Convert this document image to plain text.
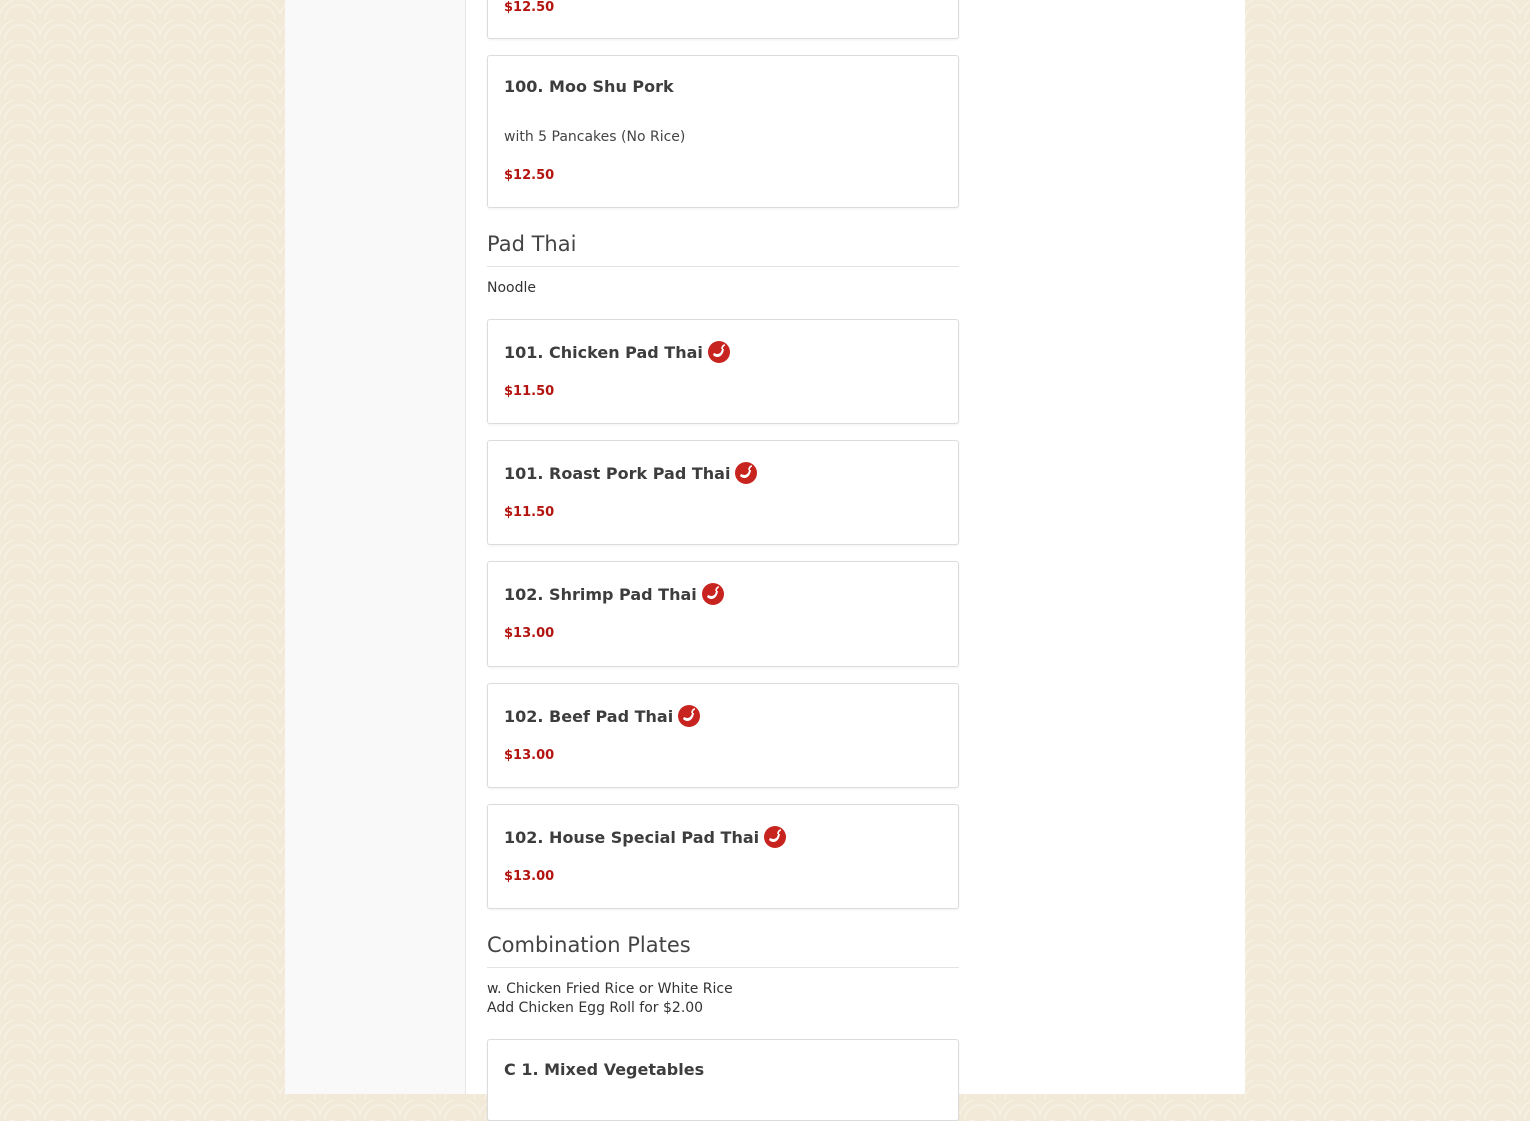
$12.50
100. Moo Shu Pork
with 5 Pancakes (No Rice)
$12.50
Pad Thai
Noodle
101. Chicken Pad Thai
$11.50
101. Roast Pork Pad Thai
$11.50
102. Shrimp Pad Thai
$13.00
102. Beef Pad Thai
$13.00
102. House Special Pad Thai
$13.00
Combination Plates
w. Chicken Fried Rice or White Rice
Add Chicken Egg Roll for $2.00
C 1. Mixed Vegetables
